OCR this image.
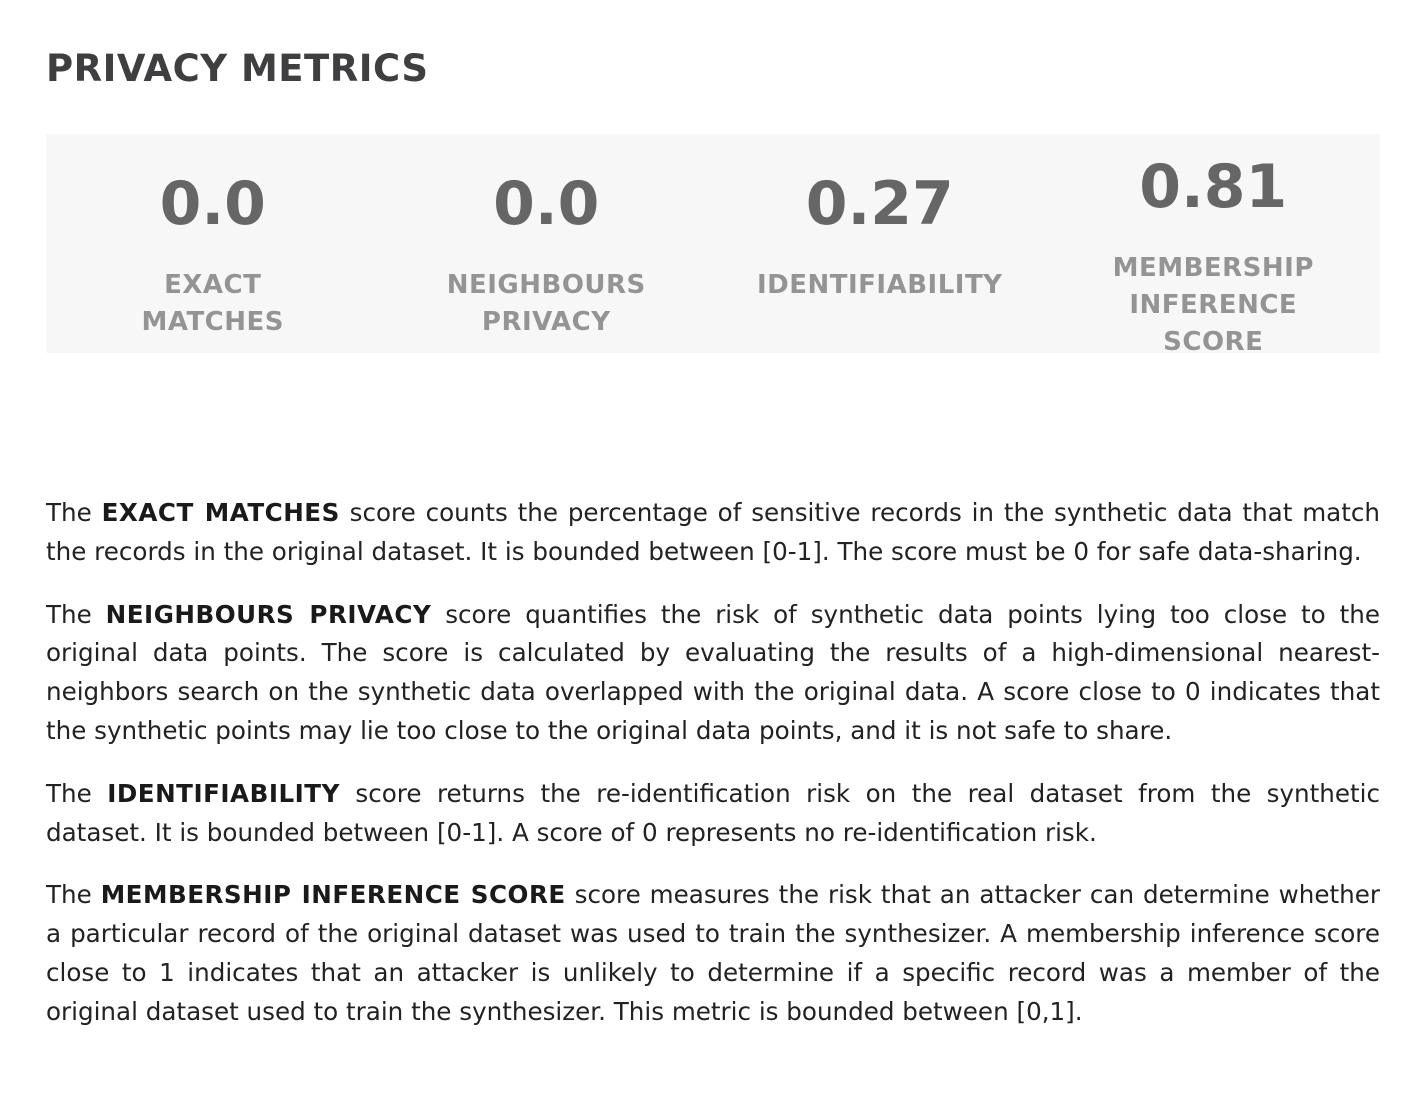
PRIVACY METRICS
0.0
EXACT MATCHES
0.0
NEIGHBOURS PRIVACY
0.27
IDENTIFIABILITY
0.81
MEMBERSHIP INFERENCE SCORE

The EXACT MATCHES score counts the percentage of sensitive records in the synthetic data that match the records in the original dataset. It is bounded between [0-1]. The score must be 0 for safe data-sharing.

The NEIGHBOURS PRIVACY score quantifies the risk of synthetic data points lying too close to the original data points. The score is calculated by evaluating the results of a high-dimensional nearest-neighbors search on the synthetic data overlapped with the original data. A score close to 0 indicates that the synthetic points may lie too close to the original data points, and it is not safe to share.

The IDENTIFIABILITY score returns the re-identification risk on the real dataset from the synthetic dataset. It is bounded between [0-1]. A score of 0 represents no re-identification risk.

The MEMBERSHIP INFERENCE SCORE score measures the risk that an attacker can determine whether a particular record of the original dataset was used to train the synthesizer. A membership inference score close to 1 indicates that an attacker is unlikely to determine if a specific record was a member of the original dataset used to train the synthesizer. This metric is bounded between [0,1].
